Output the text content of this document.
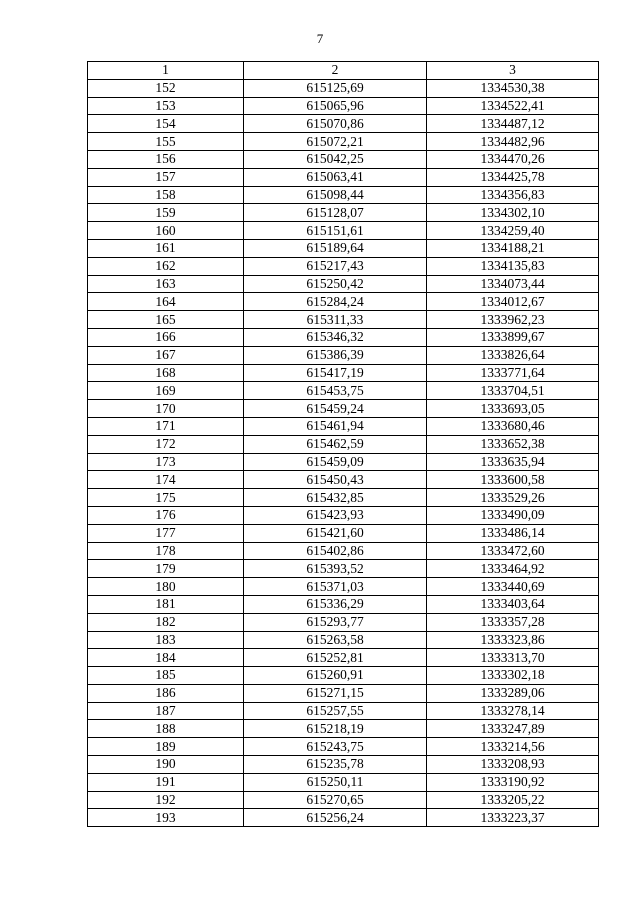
7
1	2	3
152	615125,69	1334530,38
153	615065,96	1334522,41
154	615070,86	1334487,12
155	615072,21	1334482,96
156	615042,25	1334470,26
157	615063,41	1334425,78
158	615098,44	1334356,83
159	615128,07	1334302,10
160	615151,61	1334259,40
161	615189,64	1334188,21
162	615217,43	1334135,83
163	615250,42	1334073,44
164	615284,24	1334012,67
165	615311,33	1333962,23
166	615346,32	1333899,67
167	615386,39	1333826,64
168	615417,19	1333771,64
169	615453,75	1333704,51
170	615459,24	1333693,05
171	615461,94	1333680,46
172	615462,59	1333652,38
173	615459,09	1333635,94
174	615450,43	1333600,58
175	615432,85	1333529,26
176	615423,93	1333490,09
177	615421,60	1333486,14
178	615402,86	1333472,60
179	615393,52	1333464,92
180	615371,03	1333440,69
181	615336,29	1333403,64
182	615293,77	1333357,28
183	615263,58	1333323,86
184	615252,81	1333313,70
185	615260,91	1333302,18
186	615271,15	1333289,06
187	615257,55	1333278,14
188	615218,19	1333247,89
189	615243,75	1333214,56
190	615235,78	1333208,93
191	615250,11	1333190,92
192	615270,65	1333205,22
193	615256,24	1333223,37
